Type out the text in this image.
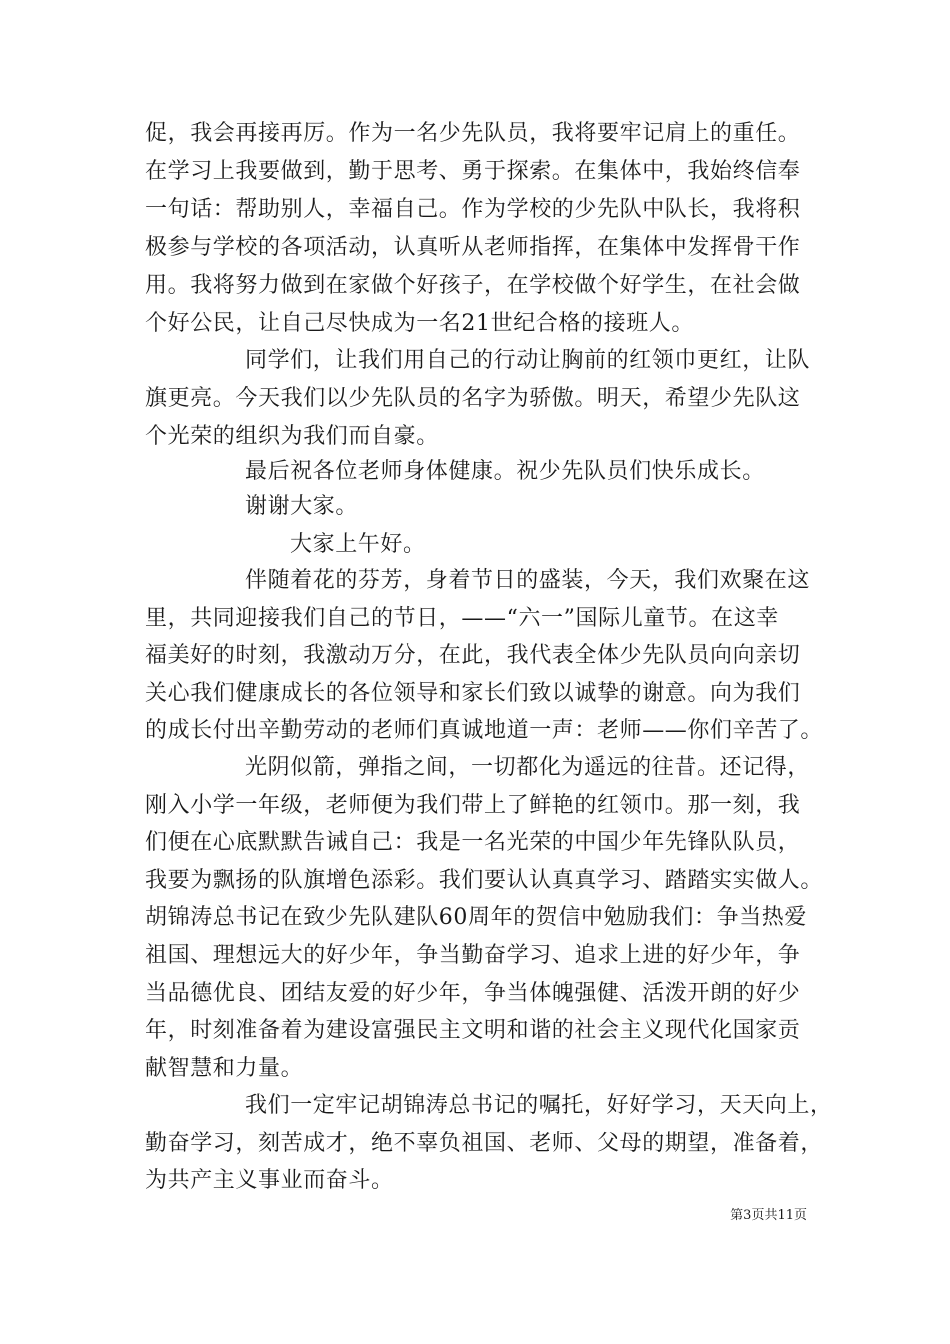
促，我会再接再厉。作为一名少先队员，我将要牢记肩上的重任。
在学习上我要做到，勤于思考、勇于探索。在集体中，我始终信奉
一句话：帮助别人，幸福自己。作为学校的少先队中队长，我将积
极参与学校的各项活动，认真听从老师指挥，在集体中发挥骨干作
用。我将努力做到在家做个好孩子，在学校做个好学生，在社会做
个好公民，让自己尽快成为一名21世纪合格的接班人。
同学们，让我们用自己的行动让胸前的红领巾更红，让队
旗更亮。今天我们以少先队员的名字为骄傲。明天，希望少先队这
个光荣的组织为我们而自豪。
最后祝各位老师身体健康。祝少先队员们快乐成长。
谢谢大家。
大家上午好。
伴随着花的芬芳，身着节日的盛装，今天，我们欢聚在这
里，共同迎接我们自己的节日，——“六一”国际儿童节。在这幸
福美好的时刻，我激动万分，在此，我代表全体少先队员向向亲切
关心我们健康成长的各位领导和家长们致以诚挚的谢意。向为我们
的成长付出辛勤劳动的老师们真诚地道一声：老师——你们辛苦了。
光阴似箭，弹指之间，一切都化为遥远的往昔。还记得，
刚入小学一年级，老师便为我们带上了鲜艳的红领巾。那一刻，我
们便在心底默默告诫自己：我是一名光荣的中国少年先锋队队员，
我要为飘扬的队旗增色添彩。我们要认认真真学习、踏踏实实做人。
胡锦涛总书记在致少先队建队60周年的贺信中勉励我们：争当热爱
祖国、理想远大的好少年，争当勤奋学习、追求上进的好少年，争
当品德优良、团结友爱的好少年，争当体魄强健、活泼开朗的好少
年，时刻准备着为建设富强民主文明和谐的社会主义现代化国家贡
献智慧和力量。
我们一定牢记胡锦涛总书记的嘱托，好好学习，天天向上，
勤奋学习，刻苦成才，绝不辜负祖国、老师、父母的期望，准备着，
为共产主义事业而奋斗。
第3页共11页
